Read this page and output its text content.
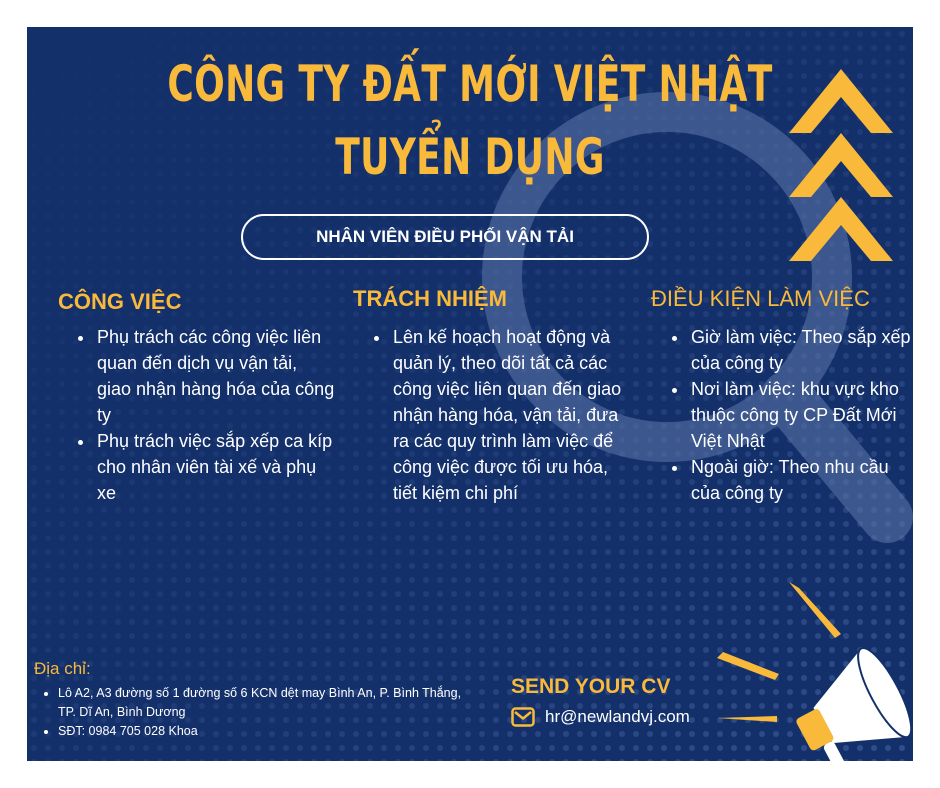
CÔNG TY ĐẤT MỚI VIỆT NHẬT
TUYỂN DỤNG
NHÂN VIÊN ĐIỀU PHỐI VẬN TẢI
CÔNG VIỆC
• Phụ trách các công việc liên quan đến dịch vụ vận tải, giao nhận hàng hóa của công ty
• Phụ trách việc sắp xếp ca kíp cho nhân viên tài xế và phụ xe
TRÁCH NHIỆM
• Lên kế hoạch hoạt động và quản lý, theo dõi tất cả các công việc liên quan đến giao nhận hàng hóa, vận tải, đưa ra các quy trình làm việc để công việc được tối ưu hóa, tiết kiệm chi phí
ĐIỀU KIỆN LÀM VIỆC
• Giờ làm việc: Theo sắp xếp của công ty
• Nơi làm việc: khu vực kho thuộc công ty CP Đất Mới Việt Nhật
• Ngoài giờ: Theo nhu cầu của công ty
Địa chỉ:
• Lô A2, A3 đường số 1 đường số 6 KCN dệt may Bình An, P. Bình Thắng, TP. Dĩ An, Bình Dương
• SĐT: 0984 705 028 Khoa
SEND YOUR CV
hr@newlandvj.com
